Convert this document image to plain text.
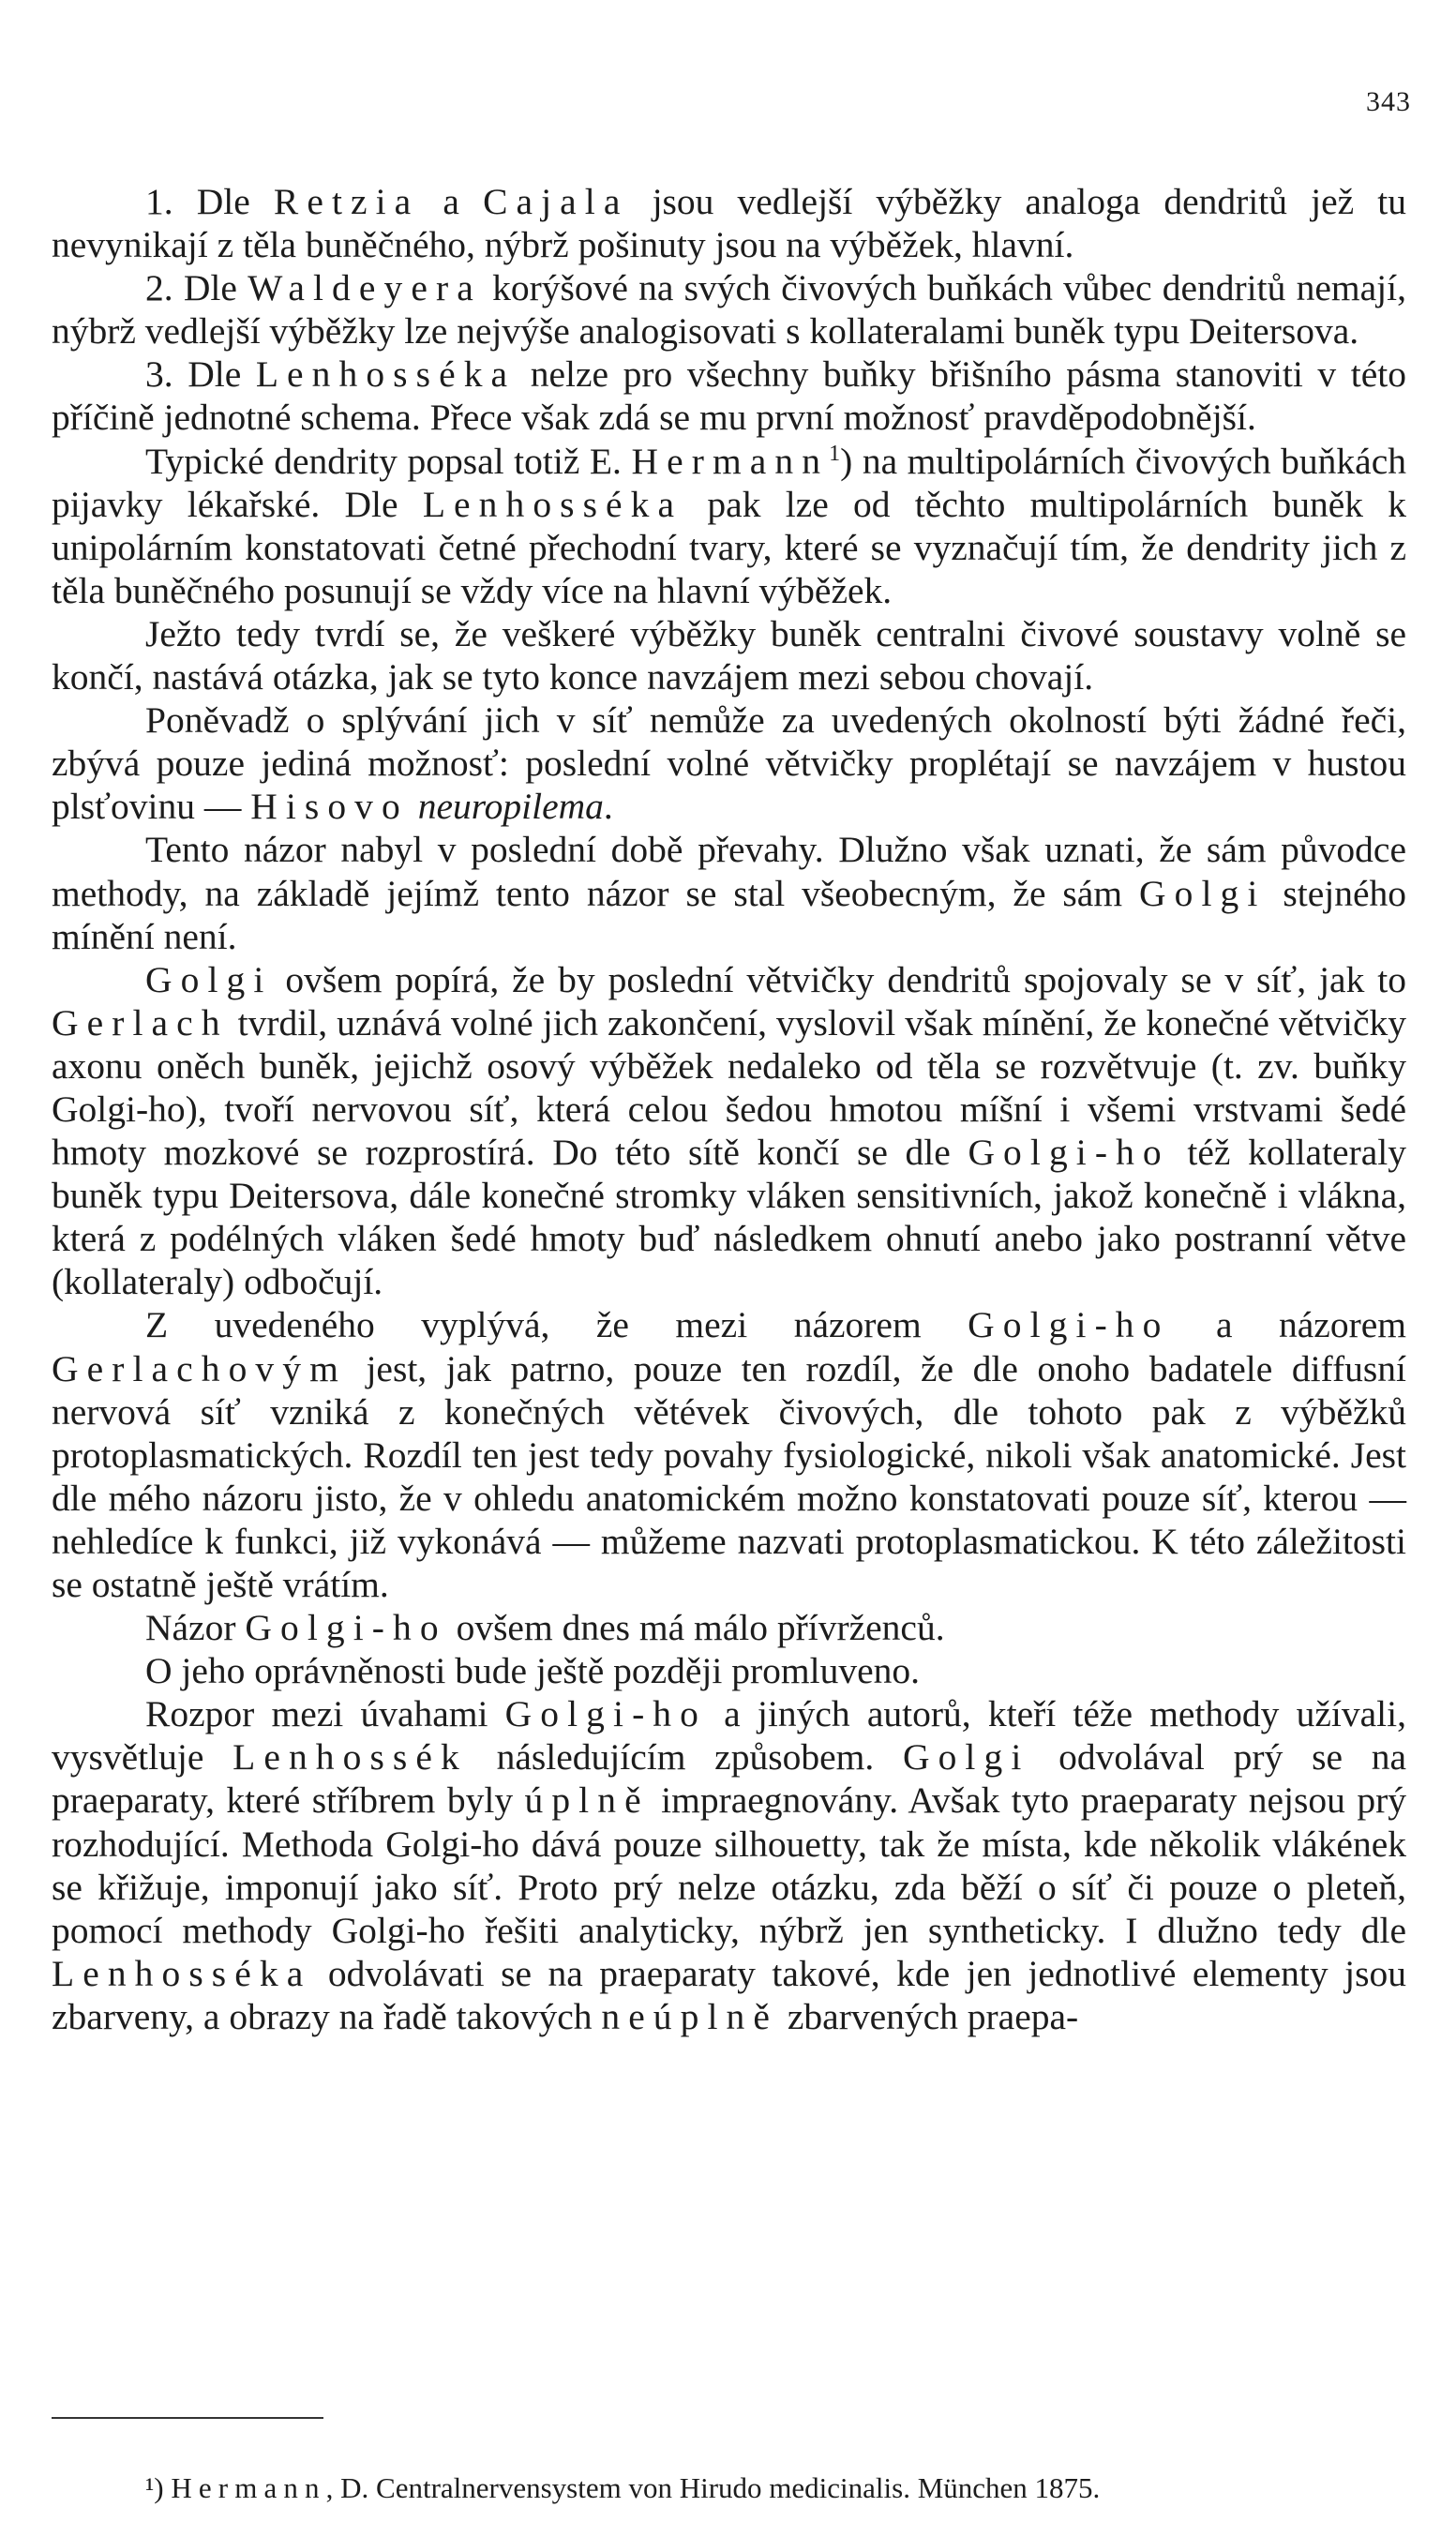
343

1. Dle Retzia a Cajala jsou vedlejší výběžky analoga dendritů jež tu nevynikají z těla buněčného, nýbrž pošinuty jsou na výběžek, hlavní.

2. Dle Waldeyera korýšové na svých čivových buňkách vůbec dendritů nemají, nýbrž vedlejší výběžky lze nejvýše analogisovati s kollateralami buněk typu Deitersova.

3. Dle Lenhosséka nelze pro všechny buňky břišního pásma stanoviti v této příčině jednotné schema. Přece však zdá se mu první možnosť pravděpodobnější.

Typické dendrity popsal totiž E. Hermann$^1$) na multipolárních čivových buňkách pijavky lékařské. Dle Lenhosséka pak lze od těchto multipolárních buněk k unipolárním konstatovati četné přechodní tvary, které se vyznačují tím, že dendrity jich z těla buněčného posunují se vždy více na hlavní výběžek.

Ježto tedy tvrdí se, že veškeré výběžky buněk centralni čivové soustavy volně se končí, nastává otázka, jak se tyto konce navzájem mezi sebou chovají.

Poněvadž o splývání jich v síť nemůže za uvedených okolností býti žádné řeči, zbývá pouze jediná možnosť: poslední volné větvičky proplétají se navzájem v hustou plsťovinu — Hisovo neuropilema.

Tento názor nabyl v poslední době převahy. Dlužno však uznati, že sám původce methody, na základě jejímž tento názor se stal všeobecným, že sám Golgi stejného mínění není.

Golgi ovšem popírá, že by poslední větvičky dendritů spojovaly se v síť, jak to Gerlach tvrdil, uznává volné jich zakončení, vyslovil však mínění, že konečné větvičky axonu oněch buněk, jejichž osový výběžek nedaleko od těla se rozvětvuje (t. zv. buňky Golgi-ho), tvoří nervovou síť, která celou šedou hmotou míšní i všemi vrstvami šedé hmoty mozkové se rozprostírá. Do této sítě končí se dle Golgi-ho též kollateraly buněk typu Deitersova, dále konečné stromky vláken sensitivních, jakož konečně i vlákna, která z podélných vláken šedé hmoty buď následkem ohnutí anebo jako postranní větve (kollateraly) odbočují.

Z uvedeného vyplývá, že mezi názorem Golgi-ho a názorem Gerlachovým jest, jak patrno, pouze ten rozdíl, že dle onoho badatele diffusní nervová síť vzniká z konečných větévek čivových, dle tohoto pak z výběžků protoplasmatických. Rozdíl ten jest tedy povahy fysiologické, nikoli však anatomické. Jest dle mého názoru jisto, že v ohledu anatomickém možno konstatovati pouze síť, kterou — nehledíce k funkci, již vykonává — můžeme nazvati protoplasmatickou. K této záležitosti se ostatně ještě vrátím.

Názor Golgi-ho ovšem dnes má málo přívrženců.

O jeho oprávněnosti bude ještě později promluveno.

Rozpor mezi úvahami Golgi-ho a jiných autorů, kteří téže methody užívali, vysvětluje Lenhossék následujícím způsobem. Golgi odvolával prý se na praeparaty, které stříbrem byly úplně impraegnovány. Avšak tyto praeparaty nejsou prý rozhodující. Methoda Golgi-ho dává pouze silhouetty, tak že místa, kde několik vlákének se křižuje, imponují jako síť. Proto prý nelze otázku, zda běží o síť či pouze o pleteň, pomocí methody Golgi-ho řešiti analyticky, nýbrž jen syntheticky. I dlužno tedy dle Lenhosséka odvolávati se na praeparaty takové, kde jen jednotlivé elementy jsou zbarveny, a obrazy na řadě takových neúplně zbarvených praepa-

¹) Hermann, D. Centralnervensystem von Hirudo medicinalis. München 1875.
